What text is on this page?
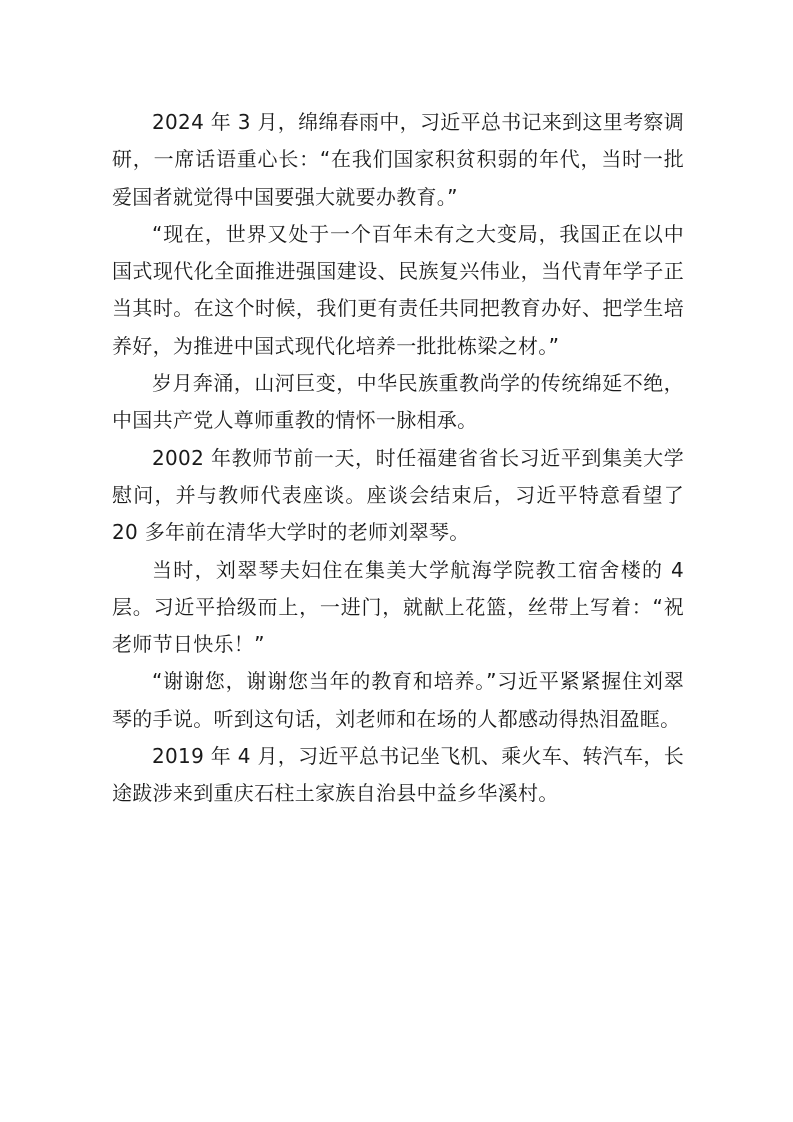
2024 年 3 月，绵绵春雨中，习近平总书记来到这里考察调研，一席话语重心长：“在我们国家积贫积弱的年代，当时一批爱国者就觉得中国要强大就要办教育。”

“现在，世界又处于一个百年未有之大变局，我国正在以中国式现代化全面推进强国建设、民族复兴伟业，当代青年学子正当其时。在这个时候，我们更有责任共同把教育办好、把学生培养好，为推进中国式现代化培养一批批栋梁之材。”

岁月奔涌，山河巨变，中华民族重教尚学的传统绵延不绝，中国共产党人尊师重教的情怀一脉相承。

2002 年教师节前一天，时任福建省省长习近平到集美大学慰问，并与教师代表座谈。座谈会结束后，习近平特意看望了 20 多年前在清华大学时的老师刘翠琴。

当时，刘翠琴夫妇住在集美大学航海学院教工宿舍楼的 4 层。习近平拾级而上，一进门，就献上花篮，丝带上写着：“祝老师节日快乐！”

“谢谢您，谢谢您当年的教育和培养。”习近平紧紧握住刘翠琴的手说。听到这句话，刘老师和在场的人都感动得热泪盈眶。

2019 年 4 月，习近平总书记坐飞机、乘火车、转汽车，长途跋涉来到重庆石柱土家族自治县中益乡华溪村。
